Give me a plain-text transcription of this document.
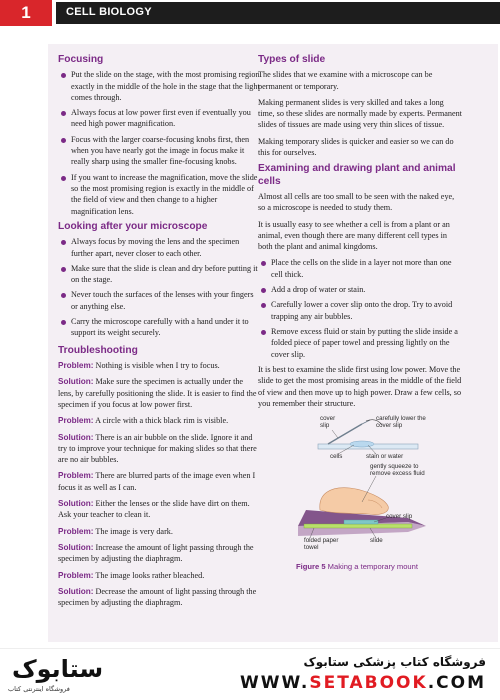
1	CELL BIOLOGY
Focusing
Put the slide on the stage, with the most promising region exactly in the middle of the hole in the stage that the light comes through.
Always focus at low power first even if eventually you need high power magnification.
Focus with the larger coarse-focusing knobs first, then when you have nearly got the image in focus make it really sharp using the smaller fine-focusing knobs.
If you want to increase the magnification, move the slide so the most promising region is exactly in the middle of the field of view and then change to a higher magnification lens.
Looking after your microscope
Always focus by moving the lens and the specimen further apart, never closer to each other.
Make sure that the slide is clean and dry before putting it on the stage.
Never touch the surfaces of the lenses with your fingers or anything else.
Carry the microscope carefully with a hand under it to support its weight securely.
Troubleshooting

Problem: Nothing is visible when I try to focus.

Solution: Make sure the specimen is actually under the lens, by carefully positioning the slide. It is easier to find the specimen if you focus at low power first.

Problem: A circle with a thick black rim is visible.

Solution: There is an air bubble on the slide. Ignore it and try to improve your technique for making slides so that there are no air bubbles.

Problem: There are blurred parts of the image even when I focus it as well as I can.

Solution: Either the lenses or the slide have dirt on them. Ask your teacher to clean it.

Problem: The image is very dark.

Solution: Increase the amount of light passing through the specimen by adjusting the diaphragm.

Problem: The image looks rather bleached.

Solution: Decrease the amount of light passing through the specimen by adjusting the diaphragm.

Types of slide

The slides that we examine with a microscope can be permanent or temporary.

Making permanent slides is very skilled and takes a long time, so these slides are normally made by experts. Permanent slides of tissues are made using very thin slices of tissue.

Making temporary slides is quicker and easier so we can do this for ourselves.

Examining and drawing plant and animal cells

Almost all cells are too small to be seen with the naked eye, so a microscope is needed to study them.

It is usually easy to see whether a cell is from a plant or an animal, even though there are many different cell types in both the plant and animal kingdoms.

Place the cells on the slide in a layer not more than one cell thick.
Add a drop of water or stain.
Carefully lower a cover slip onto the drop. Try to avoid trapping any air bubbles.
Remove excess fluid or stain by putting the slide inside a folded piece of paper towel and pressing lightly on the cover slip.

It is best to examine the slide first using low power. Move the slide to get the most promising areas in the middle of the field of view and then move up to high power. Draw a few cells, so you remember their structure.

cover slip
carefully lower the cover slip
cells	stain or water
gently squeeze to remove excess fluid
cover slip
slide
folded paper towel
Figure 5 Making a temporary mount
ستابوک
فروشگاه اینترنتی کتاب
فروشگاه کتاب پزشکی ستابوک
WWW.SETABOOK.COM
